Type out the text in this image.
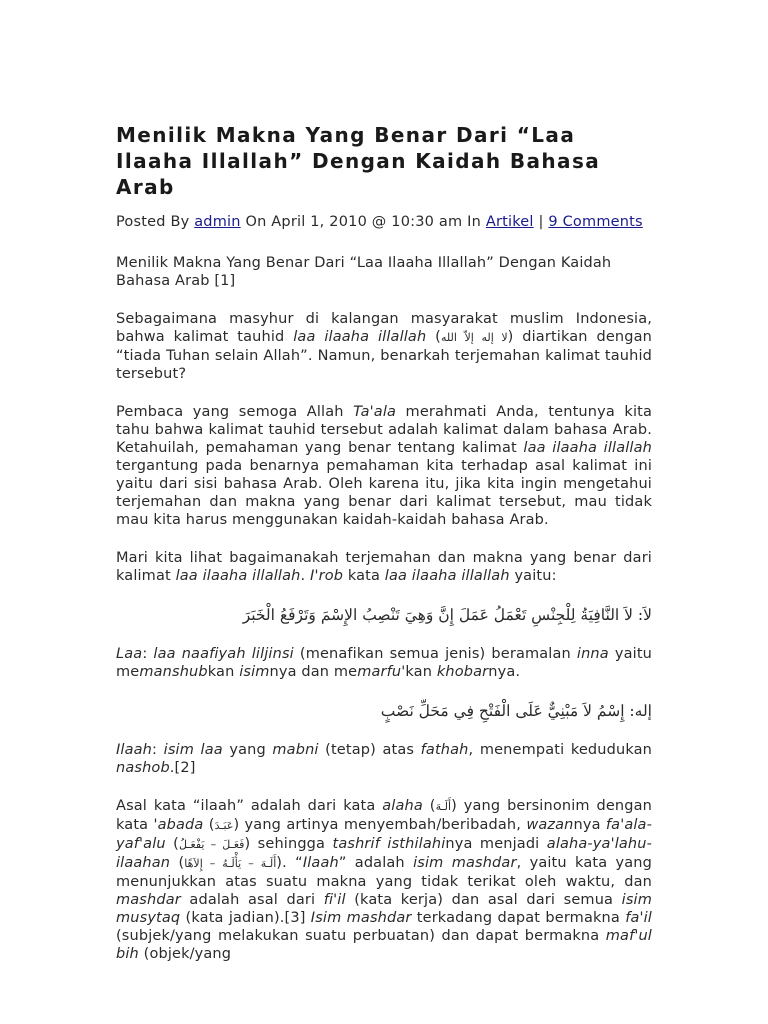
Menilik Makna Yang Benar Dari “Laa Ilaaha Illallah” Dengan Kaidah Bahasa Arab
Posted By admin On April 1, 2010 @ 10:30 am In Artikel | 9 Comments

Menilik Makna Yang Benar Dari “Laa Ilaaha Illallah” Dengan Kaidah Bahasa Arab [1]

Sebagaimana masyhur di kalangan masyarakat muslim Indonesia, bahwa kalimat tauhid laa ilaaha illallah (لا إله إلاّ الله) diartikan dengan “tiada Tuhan selain Allah”. Namun, benarkah terjemahan kalimat tauhid tersebut?

Pembaca yang semoga Allah Ta'ala merahmati Anda, tentunya kita tahu bahwa kalimat tauhid tersebut adalah kalimat dalam bahasa Arab. Ketahuilah, pemahaman yang benar tentang kalimat laa ilaaha illallah tergantung pada benarnya pemahaman kita terhadap asal kalimat ini yaitu dari sisi bahasa Arab. Oleh karena itu, jika kita ingin mengetahui terjemahan dan makna yang benar dari kalimat tersebut, mau tidak mau kita harus menggunakan kaidah-kaidah bahasa Arab.

Mari kita lihat bagaimanakah terjemahan dan makna yang benar dari kalimat laa ilaaha illallah. I'rob kata laa ilaaha illallah yaitu:

لاَ: لاَ النَّافِيَةُ لِلْجِنْسِ تَعْمَلُ عَمَلَ إِنَّ وَهِيَ تَنْصِبُ الإِسْمَ وَتَرْفَعُ الْخَبَرَ

Laa: laa naafiyah liljinsi (menafikan semua jenis) beramalan inna yaitu memanshubkan isimnya dan memarfu'kan khobarnya.

إله: إِسْمُ لاَ مَبْنِيٌّ عَلَى الْفَتْحِ فِي مَحَلِّ نَصْبٍ

Ilaah: isim laa yang mabni (tetap) atas fathah, menempati kedudukan nashob.[2]

Asal kata “ilaah” adalah dari kata alaha (أَلَـهَ) yang bersinonim dengan kata 'abada (عَبَـدَ) yang artinya menyembah/beribadah, wazannya fa'ala-yaf'alu (فَعَـلَ – يَفْعَـلُ) sehingga tashrif isthilahinya menjadi alaha-ya'lahu-ilaahan (أَلَـهَ – يَأْلَـهُ – إِلاَهًا). “Ilaah” adalah isim mashdar, yaitu kata yang menunjukkan atas suatu makna yang tidak terikat oleh waktu, dan mashdar adalah asal dari fi'il (kata kerja) dan asal dari semua isim musytaq (kata jadian).[3] Isim mashdar terkadang dapat bermakna fa'il (subjek/yang melakukan suatu perbuatan) dan dapat bermakna maf'ul bih (objek/yang
